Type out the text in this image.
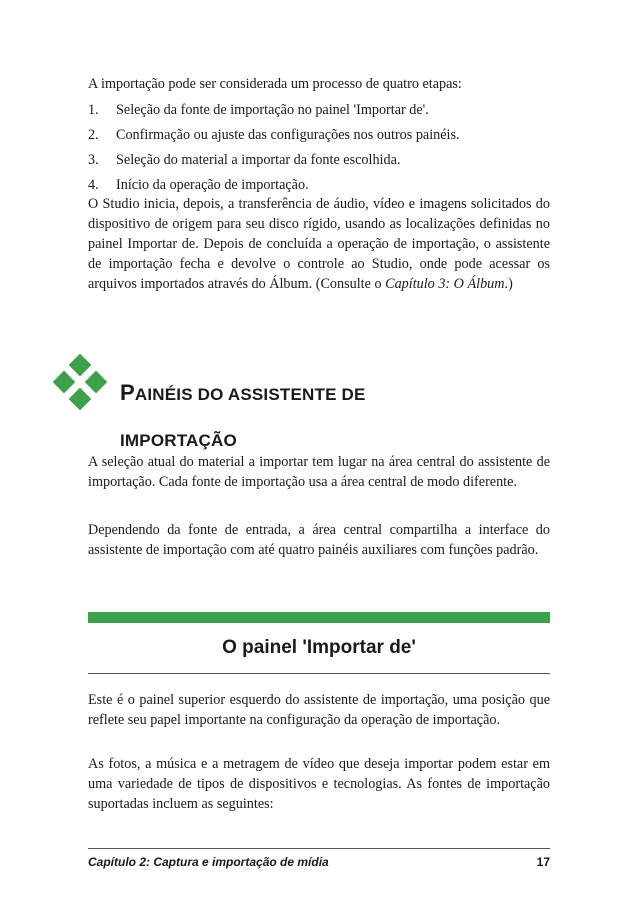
A importação pode ser considerada um processo de quatro etapas:
1. Seleção da fonte de importação no painel 'Importar de'.
2. Confirmação ou ajuste das configurações nos outros painéis.
3. Seleção do material a importar da fonte escolhida.
4. Início da operação de importação.
O Studio inicia, depois, a transferência de áudio, vídeo e imagens solicitados do dispositivo de origem para seu disco rígido, usando as localizações definidas no painel Importar de. Depois de concluída a operação de importação, o assistente de importação fecha e devolve o controle ao Studio, onde pode acessar os arquivos importados através do Álbum. (Consulte o Capítulo 3: O Álbum.)
PAINÉIS DO ASSISTENTE DE
IMPORTAÇÃO
A seleção atual do material a importar tem lugar na área central do assistente de importação. Cada fonte de importação usa a área central de modo diferente.
Dependendo da fonte de entrada, a área central compartilha a interface do assistente de importação com até quatro painéis auxiliares com funções padrão.
O painel 'Importar de'
Este é o painel superior esquerdo do assistente de importação, uma posição que reflete seu papel importante na configuração da operação de importação.
As fotos, a música e a metragem de vídeo que deseja importar podem estar em uma variedade de tipos de dispositivos e tecnologias. As fontes de importação suportadas incluem as seguintes:
Capítulo 2: Captura e importação de mídia	17
